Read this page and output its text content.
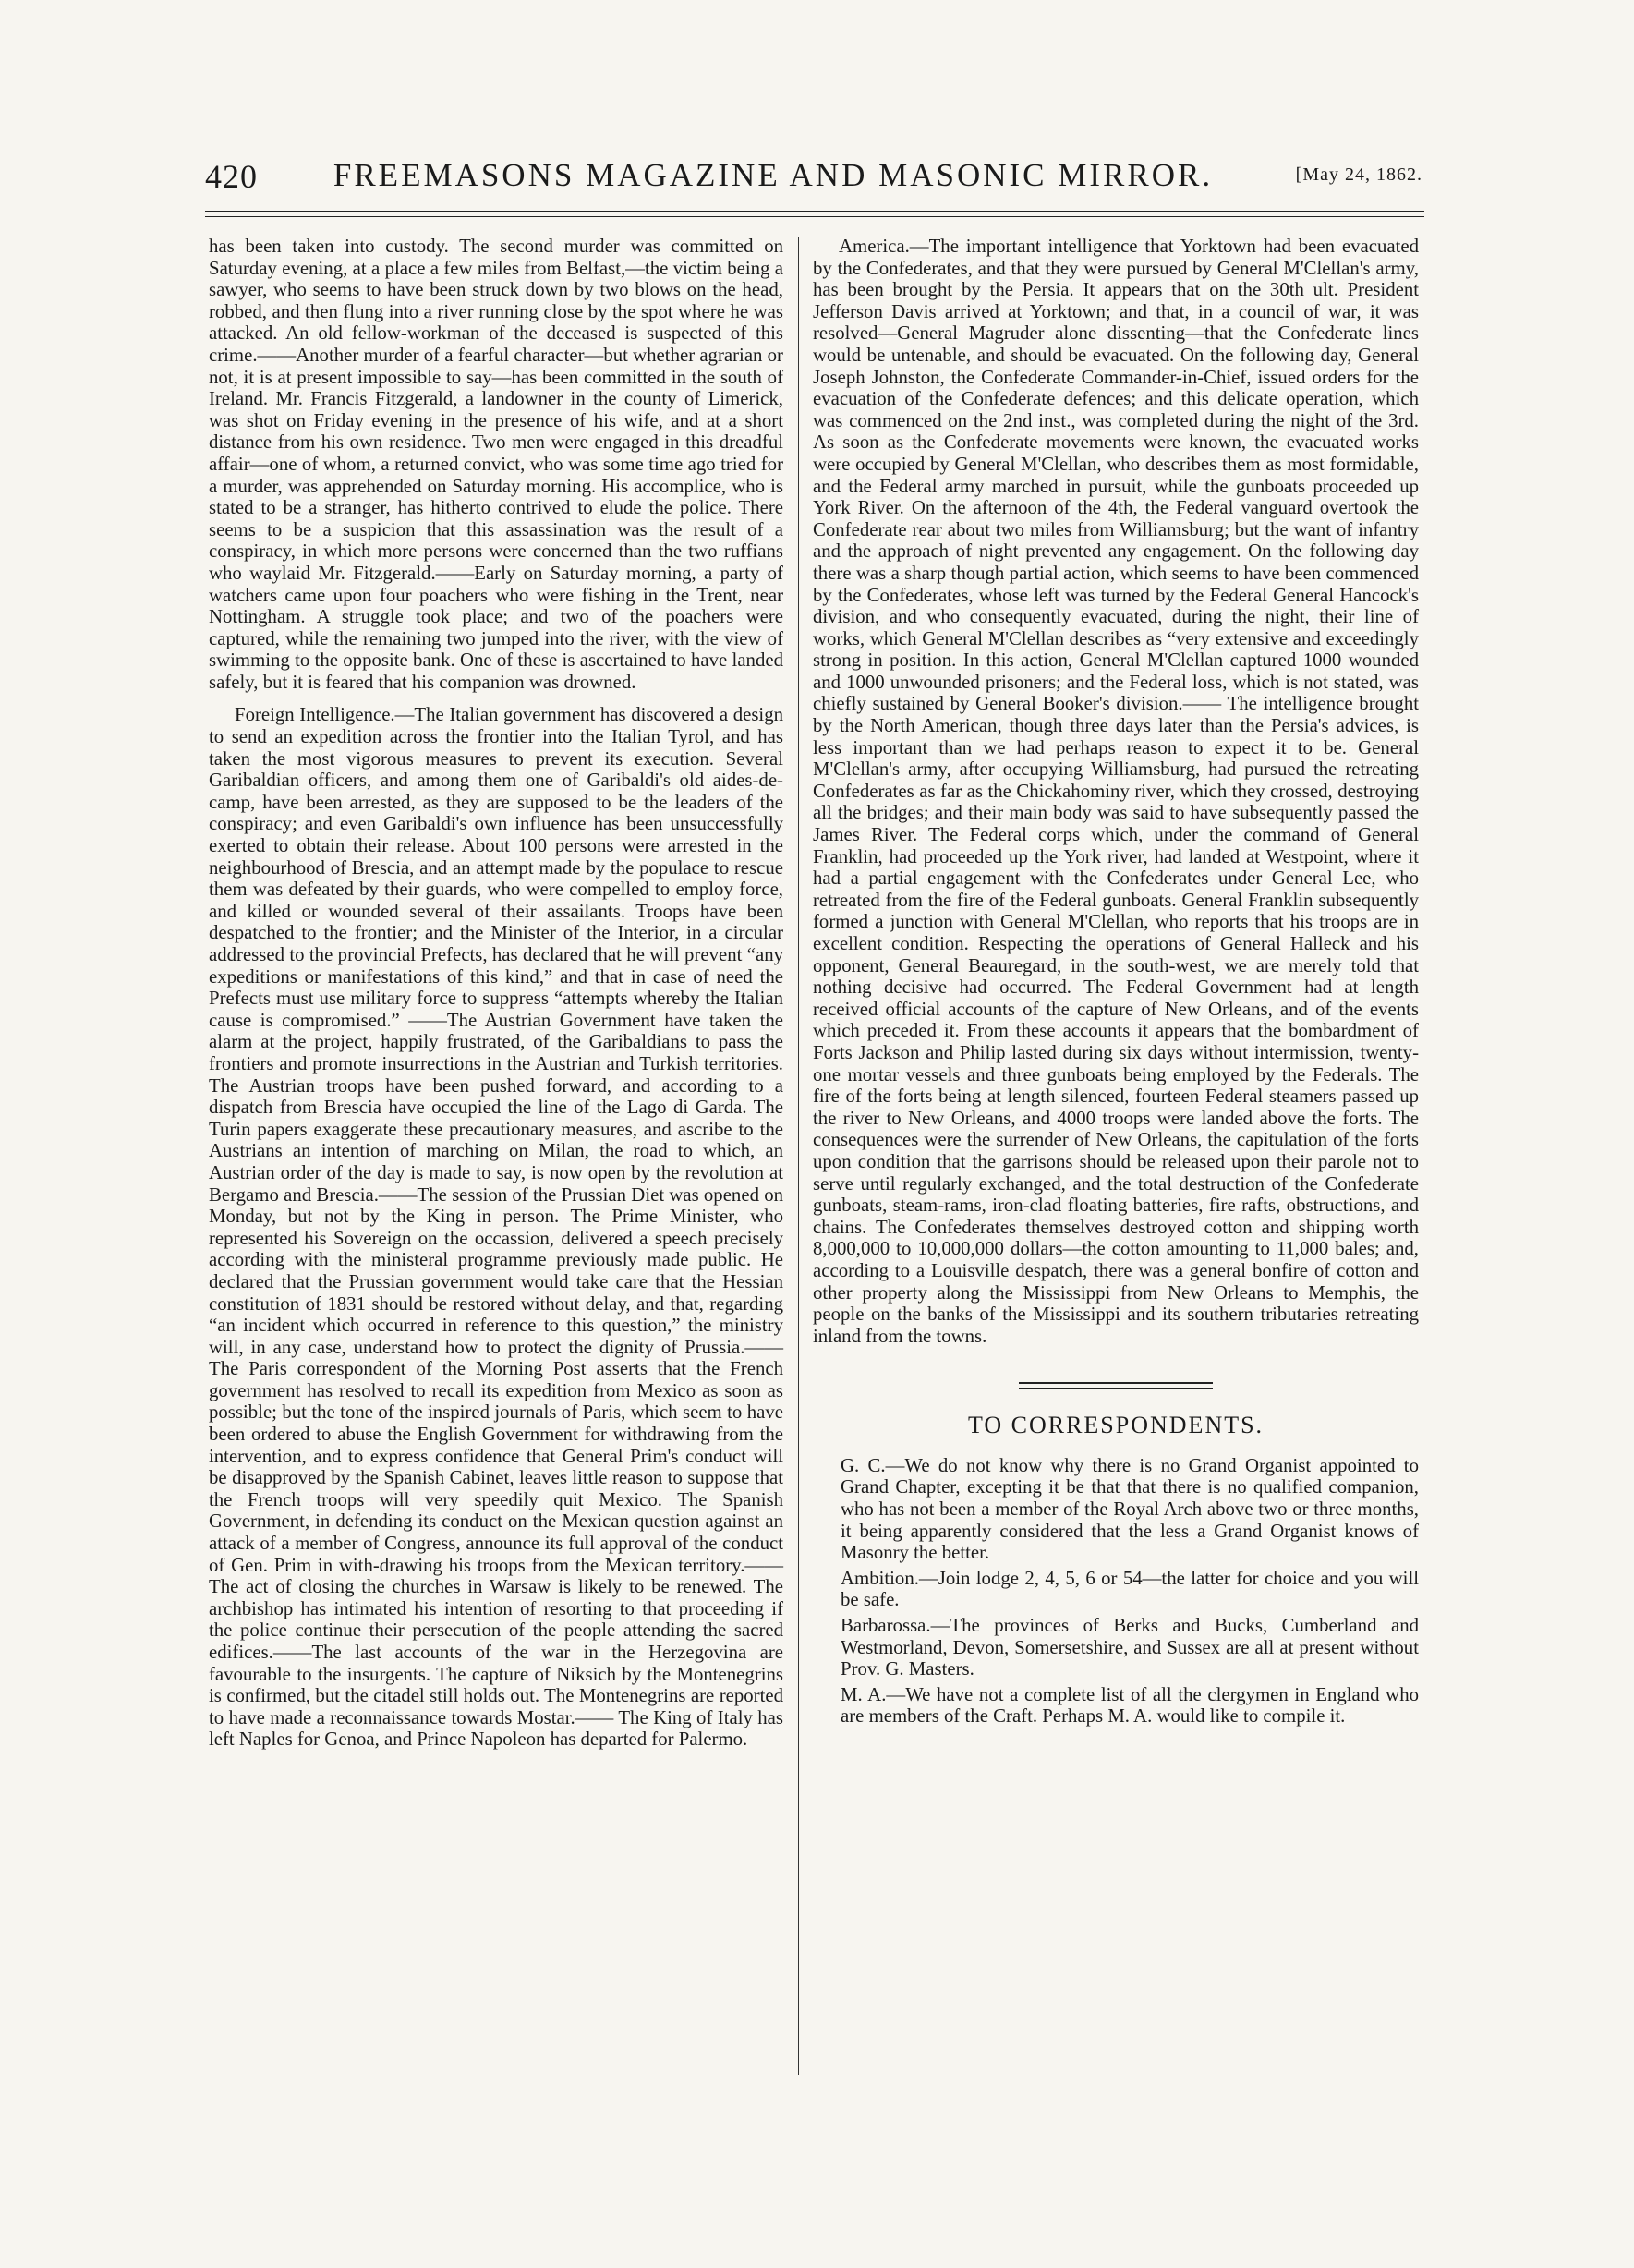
420	FREEMASONS MAGAZINE AND MASONIC MIRROR.	[May 24, 1862.

has been taken into custody. The second murder was committed on Saturday evening, at a place a few miles from Belfast,—the victim being a sawyer, who seems to have been struck down by two blows on the head, robbed, and then flung into a river running close by the spot where he was attacked. An old fellow-workman of the deceased is suspected of this crime.——Another murder of a fearful character—but whether agrarian or not, it is at present impossible to say—has been committed in the south of Ireland. Mr. Francis Fitzgerald, a landowner in the county of Limerick, was shot on Friday evening in the presence of his wife, and at a short distance from his own residence. Two men were engaged in this dreadful affair—one of whom, a returned convict, who was some time ago tried for a murder, was apprehended on Saturday morning. His accomplice, who is stated to be a stranger, has hitherto contrived to elude the police. There seems to be a suspicion that this assassination was the result of a conspiracy, in which more persons were concerned than the two ruffians who waylaid Mr. Fitzgerald.——Early on Saturday morning, a party of watchers came upon four poachers who were fishing in the Trent, near Nottingham. A struggle took place; and two of the poachers were captured, while the remaining two jumped into the river, with the view of swimming to the opposite bank. One of these is ascertained to have landed safely, but it is feared that his companion was drowned.

Foreign Intelligence.—The Italian government has discovered a design to send an expedition across the frontier into the Italian Tyrol, and has taken the most vigorous measures to prevent its execution. Several Garibaldian officers, and among them one of Garibaldi's old aides-de-camp, have been arrested, as they are supposed to be the leaders of the conspiracy; and even Garibaldi's own influence has been unsuccessfully exerted to obtain their release. About 100 persons were arrested in the neighbourhood of Brescia, and an attempt made by the populace to rescue them was defeated by their guards, who were compelled to employ force, and killed or wounded several of their assailants. Troops have been despatched to the frontier; and the Minister of the Interior, in a circular addressed to the provincial Prefects, has declared that he will prevent “any expeditions or manifestations of this kind,” and that in case of need the Prefects must use military force to suppress “attempts whereby the Italian cause is compromised.” ——The Austrian Government have taken the alarm at the project, happily frustrated, of the Garibaldians to pass the frontiers and promote insurrections in the Austrian and Turkish territories. The Austrian troops have been pushed forward, and according to a dispatch from Brescia have occupied the line of the Lago di Garda. The Turin papers exaggerate these precautionary measures, and ascribe to the Austrians an intention of marching on Milan, the road to which, an Austrian order of the day is made to say, is now open by the revolution at Bergamo and Brescia.——The session of the Prussian Diet was opened on Monday, but not by the King in person. The Prime Minister, who represented his Sovereign on the occassion, delivered a speech precisely according with the ministeral programme previously made public. He declared that the Prussian government would take care that the Hessian constitution of 1831 should be restored without delay, and that, regarding “an incident which occurred in reference to this question,” the ministry will, in any case, understand how to protect the dignity of Prussia.——The Paris correspondent of the Morning Post asserts that the French government has resolved to recall its expedition from Mexico as soon as possible; but the tone of the inspired journals of Paris, which seem to have been ordered to abuse the English Government for withdrawing from the intervention, and to express confidence that General Prim's conduct will be disapproved by the Spanish Cabinet, leaves little reason to suppose that the French troops will very speedily quit Mexico. The Spanish Government, in defending its conduct on the Mexican question against an attack of a member of Congress, announce its full approval of the conduct of Gen. Prim in with-drawing his troops from the Mexican territory.——The act of closing the churches in Warsaw is likely to be renewed. The archbishop has intimated his intention of resorting to that proceeding if the police continue their persecution of the people attending the sacred edifices.——The last accounts of the war in the Herzegovina are favourable to the insurgents. The capture of Niksich by the Montenegrins is confirmed, but the citadel still holds out. The Montenegrins are reported to have made a reconnaissance towards Mostar.—— The King of Italy has left Naples for Genoa, and Prince Napoleon has departed for Palermo.

America.—The important intelligence that Yorktown had been evacuated by the Confederates, and that they were pursued by General M'Clellan's army, has been brought by the Persia. It appears that on the 30th ult. President Jefferson Davis arrived at Yorktown; and that, in a council of war, it was resolved—General Magruder alone dissenting—that the Confederate lines would be untenable, and should be evacuated. On the following day, General Joseph Johnston, the Confederate Commander-in-Chief, issued orders for the evacuation of the Confederate defences; and this delicate operation, which was commenced on the 2nd inst., was completed during the night of the 3rd. As soon as the Confederate movements were known, the evacuated works were occupied by General M'Clellan, who describes them as most formidable, and the Federal army marched in pursuit, while the gunboats proceeded up York River. On the afternoon of the 4th, the Federal vanguard overtook the Confederate rear about two miles from Williamsburg; but the want of infantry and the approach of night prevented any engagement. On the following day there was a sharp though partial action, which seems to have been commenced by the Confederates, whose left was turned by the Federal General Hancock's division, and who consequently evacuated, during the night, their line of works, which General M'Clellan describes as “very extensive and exceedingly strong in position. In this action, General M'Clellan captured 1000 wounded and 1000 unwounded prisoners; and the Federal loss, which is not stated, was chiefly sustained by General Booker's division.—— The intelligence brought by the North American, though three days later than the Persia's advices, is less important than we had perhaps reason to expect it to be. General M'Clellan's army, after occupying Williamsburg, had pursued the retreating Confederates as far as the Chickahominy river, which they crossed, destroying all the bridges; and their main body was said to have subsequently passed the James River. The Federal corps which, under the command of General Franklin, had proceeded up the York river, had landed at Westpoint, where it had a partial engagement with the Confederates under General Lee, who retreated from the fire of the Federal gunboats. General Franklin subsequently formed a junction with General M'Clellan, who reports that his troops are in excellent condition. Respecting the operations of General Halleck and his opponent, General Beauregard, in the south-west, we are merely told that nothing decisive had occurred. The Federal Government had at length received official accounts of the capture of New Orleans, and of the events which preceded it. From these accounts it appears that the bombardment of Forts Jackson and Philip lasted during six days without intermission, twenty-one mortar vessels and three gunboats being employed by the Federals. The fire of the forts being at length silenced, fourteen Federal steamers passed up the river to New Orleans, and 4000 troops were landed above the forts. The consequences were the surrender of New Orleans, the capitulation of the forts upon condition that the garrisons should be released upon their parole not to serve until regularly exchanged, and the total destruction of the Confederate gunboats, steam-rams, iron-clad floating batteries, fire rafts, obstructions, and chains. The Confederates themselves destroyed cotton and shipping worth 8,000,000 to 10,000,000 dollars—the cotton amounting to 11,000 bales; and, according to a Louisville despatch, there was a general bonfire of cotton and other property along the Mississippi from New Orleans to Memphis, the people on the banks of the Mississippi and its southern tributaries retreating inland from the towns.

TO CORRESPONDENTS.

G. C.—We do not know why there is no Grand Organist appointed to Grand Chapter, excepting it be that that there is no qualified companion, who has not been a member of the Royal Arch above two or three months, it being apparently considered that the less a Grand Organist knows of Masonry the better.

Ambition.—Join lodge 2, 4, 5, 6 or 54—the latter for choice and you will be safe.

Barbarossa.—The provinces of Berks and Bucks, Cumberland and Westmorland, Devon, Somersetshire, and Sussex are all at present without Prov. G. Masters.

M. A.—We have not a complete list of all the clergymen in England who are members of the Craft. Perhaps M. A. would like to compile it.
